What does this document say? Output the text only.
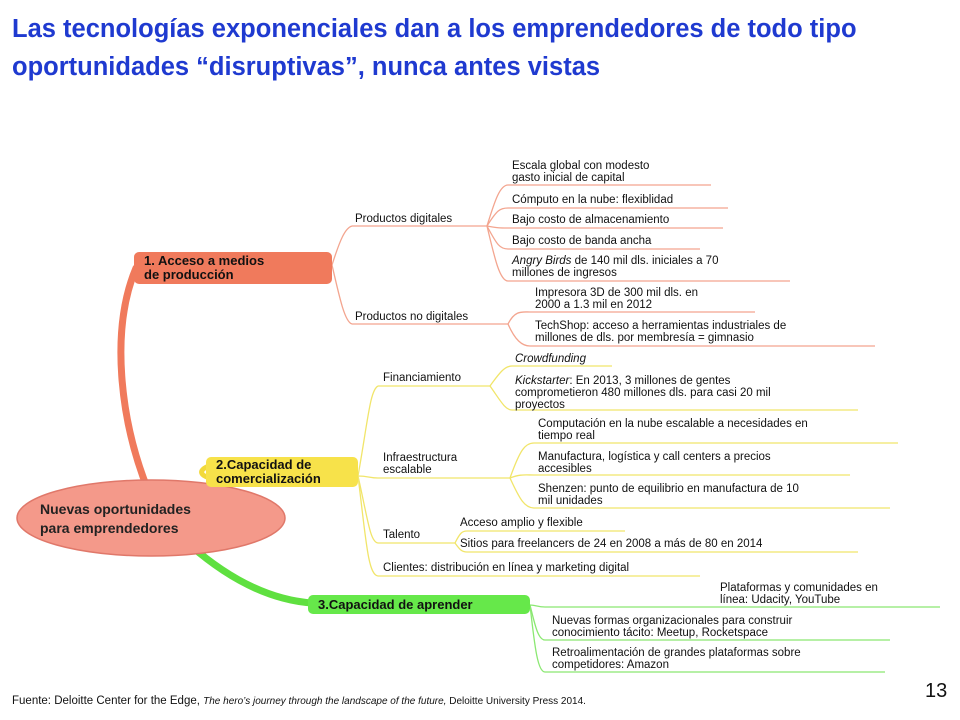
Las tecnologías exponenciales dan a los emprendedores de todo tipo
oportunidades “disruptivas”, nunca antes vistas
Nuevas oportunidades
para emprendedores
1. Acceso a medios
de producción
2.Capacidad de
comercialización
3.Capacidad de aprender
Productos digitales
Productos no digitales
Escala global con modesto
gasto inicial de capital
Cómputo en la nube: flexiblidad
Bajo costo de almacenamiento
Bajo costo de banda ancha
Angry Birds de 140 mil dls. iniciales a 70
millones de ingresos
Impresora 3D de 300 mil dls. en
2000 a 1.3 mil en 2012
TechShop: acceso a herramientas industriales de
millones de dls. por membresía = gimnasio
Financiamiento
Infraestructura
escalable
Talento
Clientes: distribución en línea y marketing digital
Crowdfunding
Kickstarter: En 2013, 3 millones de gentes
comprometieron 480 millones dls. para casi 20 mil
proyectos
Computación en la nube escalable a necesidades en
tiempo real
Manufactura, logística y call centers a precios
accesibles
Shenzen: punto de equilibrio en manufactura de 10
mil unidades
Acceso amplio y flexible
Sitios para freelancers de 24 en 2008 a más de 80 en 2014
Plataformas y comunidades en
línea: Udacity, YouTube
Nuevas formas organizacionales para construir
conocimiento tácito: Meetup, Rocketspace
Retroalimentación de grandes plataformas sobre
competidores: Amazon
Fuente: Deloitte Center for the Edge, The hero’s journey through the landscape of the future, Deloitte University Press 2014.	13
